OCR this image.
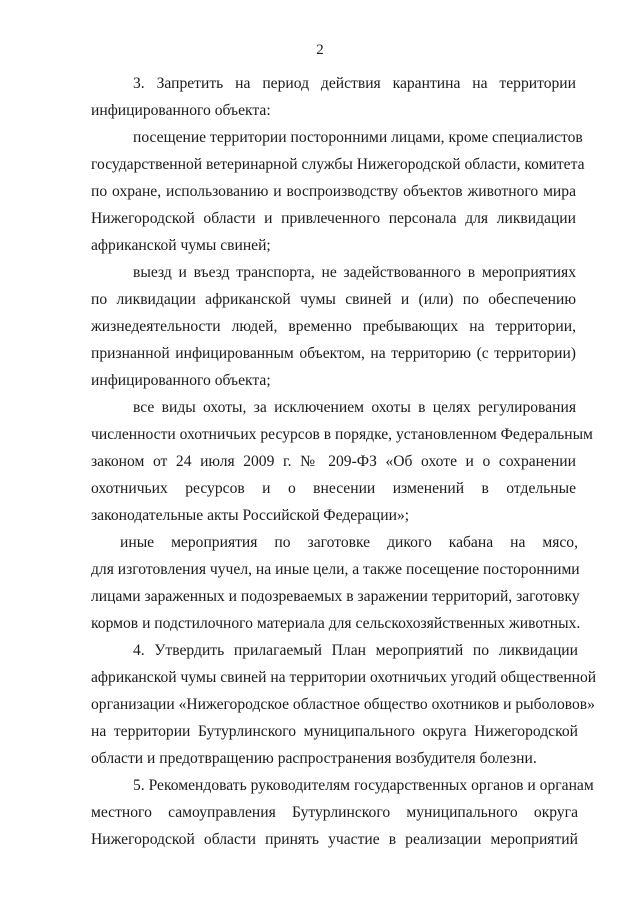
2
3. Запретить на период действия карантина на территории
инфицированного объекта:
посещение территории посторонними лицами, кроме специалистов
государственной ветеринарной службы Нижегородской области, комитета
по охране, использованию и воспроизводству объектов животного мира
Нижегородской области и привлеченного персонала для ликвидации
африканской чумы свиней;
выезд и въезд транспорта, не задействованного в мероприятиях
по ликвидации африканской чумы свиней и (или) по обеспечению
жизнедеятельности людей, временно пребывающих на территории,
признанной инфицированным объектом, на территорию (с территории)
инфицированного объекта;
все виды охоты, за исключением охоты в целях регулирования
численности охотничьих ресурсов в порядке, установленном Федеральным
законом от 24 июля 2009 г. № 209-ФЗ «Об охоте и о сохранении
охотничьих ресурсов и о внесении изменений в отдельные
законодательные акты Российской Федерации»;
иные мероприятия по заготовке дикого кабана на мясо,
для изготовления чучел, на иные цели, а также посещение посторонними
лицами зараженных и подозреваемых в заражении территорий, заготовку
кормов и подстилочного материала для сельскохозяйственных животных.
4. Утвердить прилагаемый План мероприятий по ликвидации
африканской чумы свиней на территории охотничьих угодий общественной
организации «Нижегородское областное общество охотников и рыболовов»
на территории Бутурлинского муниципального округа Нижегородской
области и предотвращению распространения возбудителя болезни.
5. Рекомендовать руководителям государственных органов и органам
местного самоуправления Бутурлинского муниципального округа
Нижегородской области принять участие в реализации мероприятий
